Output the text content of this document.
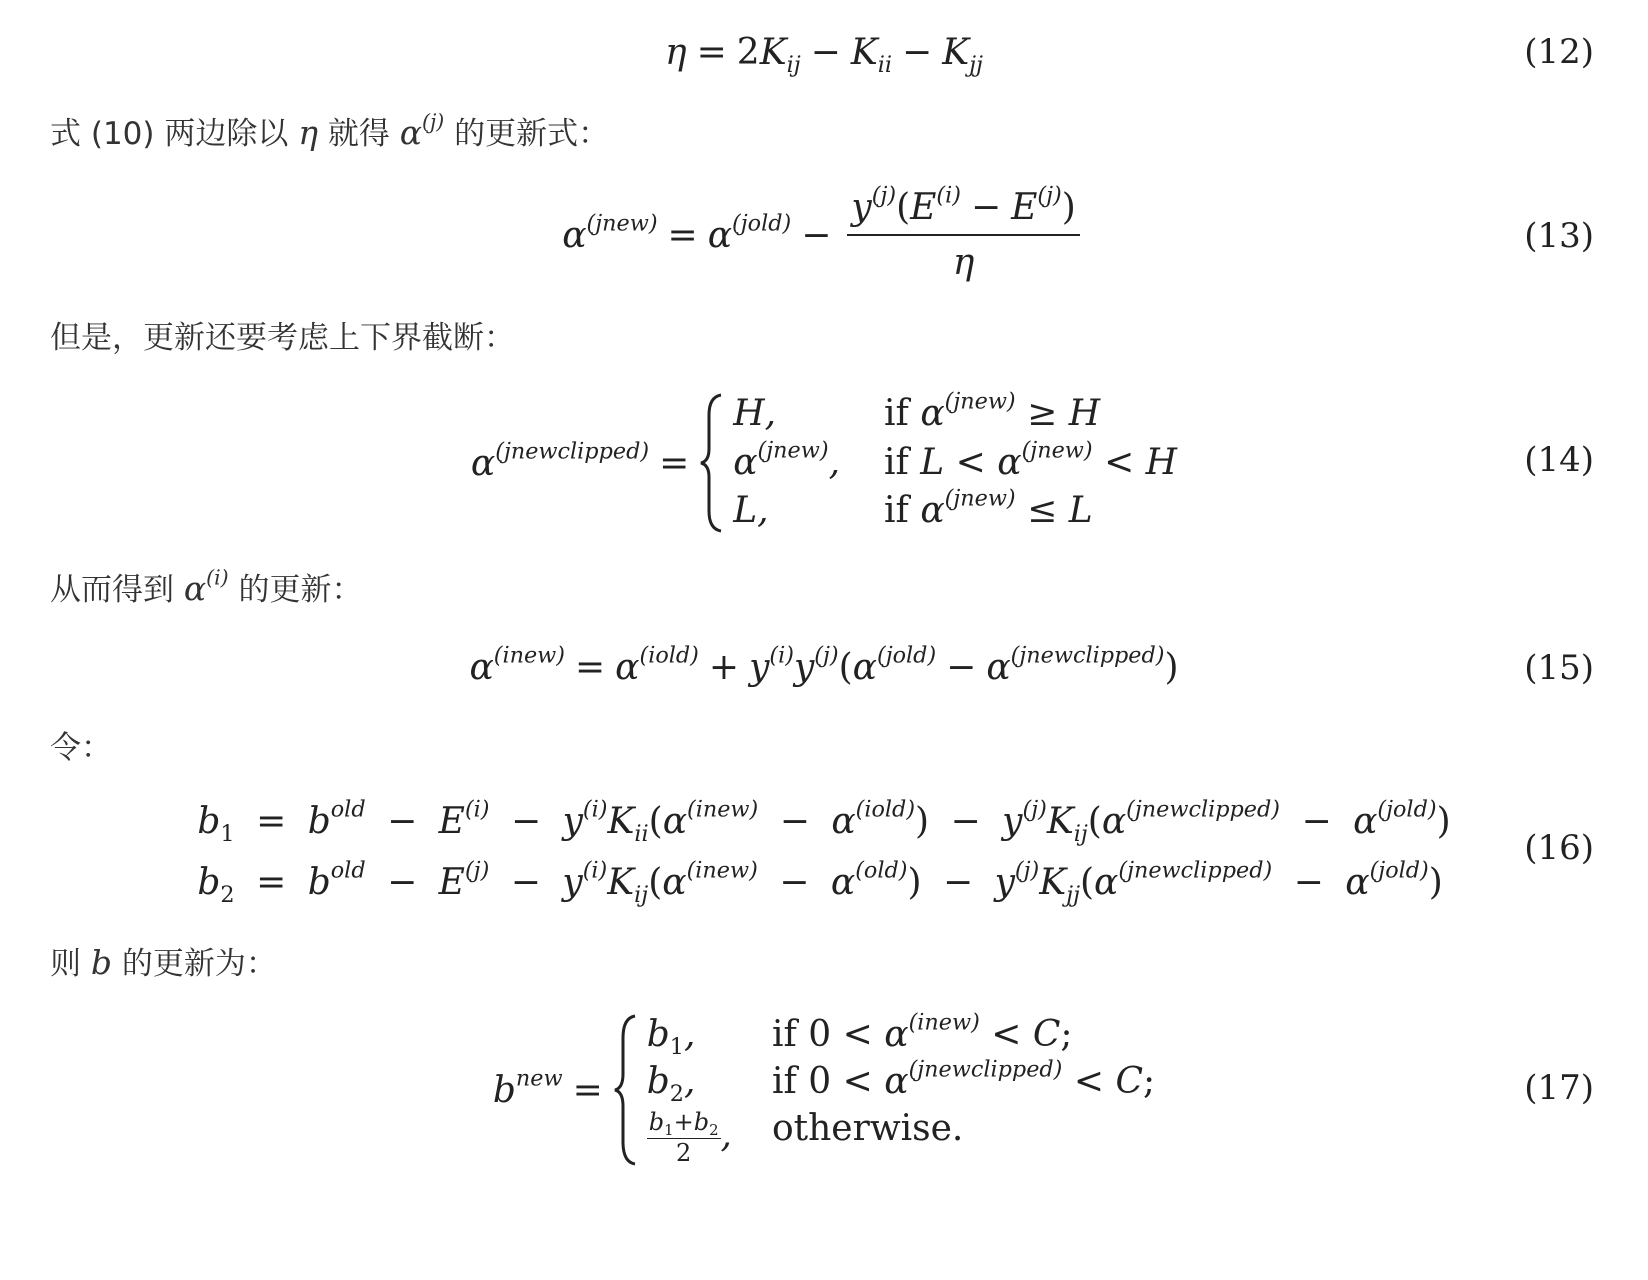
η = 2 $K_{ij} - K_{ii} - K_{jj}$	(12)
式 (10) 两边除以 η 就得 $\alpha^{(j)}$ 的更新式：
$\alpha^{(jnew)} = \alpha^{(jold)} - \frac{y^{(j)}(E^{(i)} - E^{(j)})}{\eta}$	(13)
但是，更新还要考虑上下界截断：
$\alpha^{(jnewclipped)}$ =
H,	if $\alpha^{(jnew)} \ge H$
$\alpha^{(jnew)}$, if $L < \alpha^{(jnew)} < H$
L,	if $\alpha^{(jnew)} \le L$
(14)
从而得到 $\alpha^{(i)}$ 的更新：
$\alpha^{(inew)} = \alpha^{(iold)} + y^{(i)}y^{(j)}(\alpha^{(jold)} - \alpha^{(jnewclipped)})$	(15)
令：
$b_1 = b^{old} - E^{(i)} - y^{(i)}K_{ii}(\alpha^{(inew)} - \alpha^{(iold)}) - y^{(j)}K_{ij}(\alpha^{(jnewclipped)} - \alpha^{(jold)})$
$b_2 = b^{old} - E^{(j)} - y^{(i)}K_{ij}(\alpha^{(inew)} - \alpha^{(old)}) - y^{(j)}K_{jj}(\alpha^{(jnewclipped)} - \alpha^{(jold)})$
(16)
则 b 的更新为：
$b^{new}$ =
$b_1$,	if $0 < \alpha^{(inew)} < C$;
$b_2$,	if $0 < \alpha^{(jnewclipped)} < C$;
$\frac{b_1+b_2}{2}$ , otherwise.
(17)
